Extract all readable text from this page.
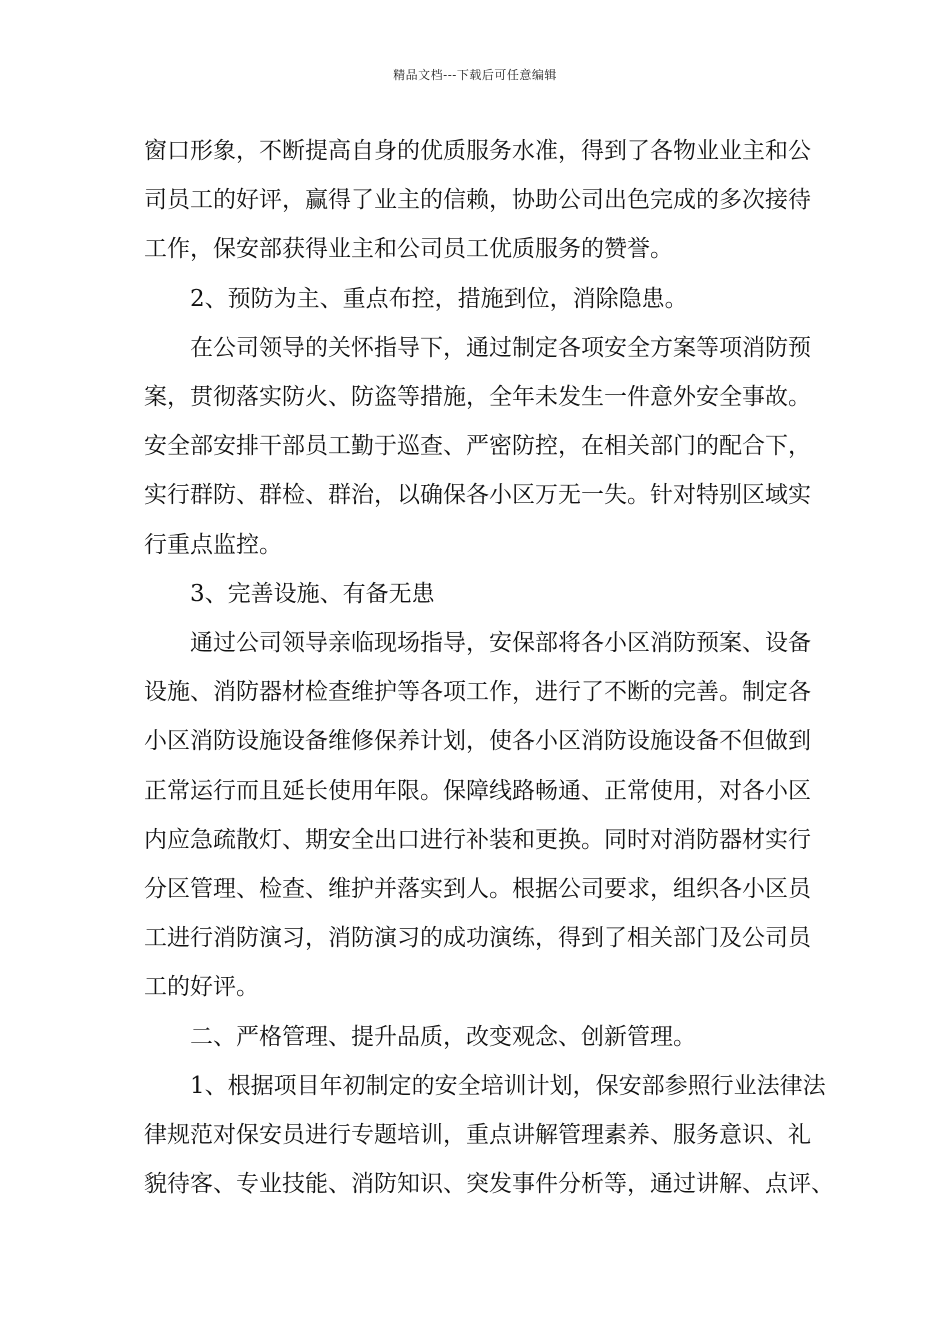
精品文档---下载后可任意编辑

窗口形象，不断提高自身的优质服务水准，得到了各物业业主和公

司员工的好评，赢得了业主的信赖，协助公司出色完成的多次接待

工作，保安部获得业主和公司员工优质服务的赞誉。

2、预防为主、重点布控，措施到位，消除隐患。

在公司领导的关怀指导下，通过制定各项安全方案等项消防预

案，贯彻落实防火、防盗等措施，全年未发生一件意外安全事故。

安全部安排干部员工勤于巡查、严密防控，在相关部门的配合下，

实行群防、群检、群治，以确保各小区万无一失。针对特别区域实

行重点监控。

3、完善设施、有备无患

通过公司领导亲临现场指导，安保部将各小区消防预案、设备

设施、消防器材检查维护等各项工作，进行了不断的完善。制定各

小区消防设施设备维修保养计划，使各小区消防设施设备不但做到

正常运行而且延长使用年限。保障线路畅通、正常使用，对各小区

内应急疏散灯、期安全出口进行补装和更换。同时对消防器材实行

分区管理、检查、维护并落实到人。根据公司要求，组织各小区员

工进行消防演习，消防演习的成功演练，得到了相关部门及公司员

工的好评。

二、严格管理、提升品质，改变观念、创新管理。

1、根据项目年初制定的安全培训计划，保安部参照行业法律法

律规范对保安员进行专题培训，重点讲解管理素养、服务意识、礼

貌待客、专业技能、消防知识、突发事件分析等，通过讲解、点评、
